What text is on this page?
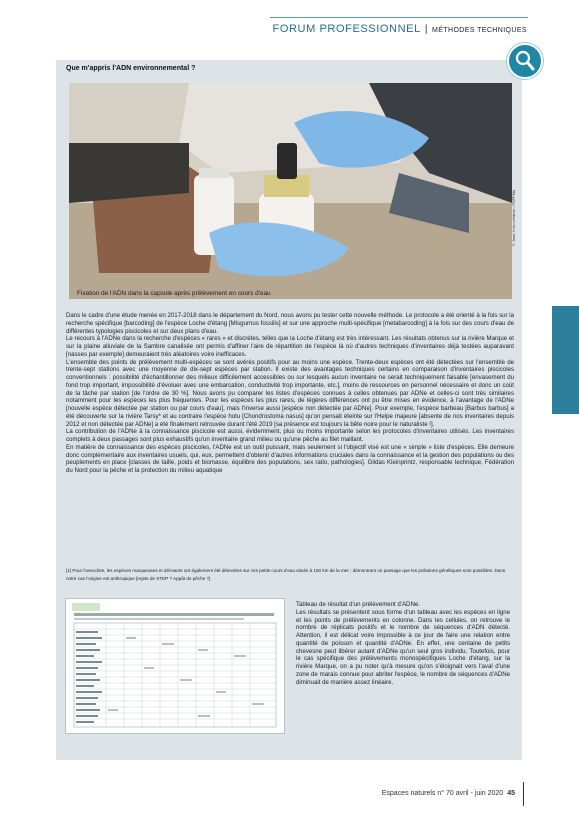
FORUM PROFESSIONNEL | MÉTHODES TECHNIQUES
Que m'appris l'ADN environnemental ?
Fixation de l'ADN dans la capsule après prélèvement en cours d'eau
© Jean-Yves Lefebvre / FDPPMA

Dans le cadre d'une étude menée en 2017-2018 dans le département du Nord, nous avons pu tester cette nouvelle méthode. Le protocole a été orienté à la fois sur la recherche spécifique [barcoding] de l'espèce Loche d'étang [Misgurnus fossilis] et sur une approche multi-spécifique [metabarcoding] à la fois sur des cours d'eau de différentes typologies piscicoles et sur deux plans d'eau.

Le recours à l'ADNe dans la recherche d'espèces « rares » et discrètes, telles que la Loche d'étang est très intéressant. Les résultats obtenus sur la rivière Marque et sur la plaine alluviale de la Sambre canalisée ont permis d'affiner l'aire de répartition de l'espèce là où d'autres techniques d'inventaires déjà testées auparavant [nasses par exemple] demeuraient très aléatoires voire inefficaces.

L'ensemble des points de prélèvement multi-espèces se sont avérés positifs pour au moins une espèce. Trente-deux espèces ont été détectées sur l'ensemble de trente-sept stations avec une moyenne de dix-sept espèces par station. Il existe des avantages techniques certains en comparaison d'inventaires piscicoles conventionnels : possibilité d'échantillonner des milieux difficilement accessibles ou sur lesquels aucun inventaire ne serait techniquement faisable [envasement du fond trop important, impossibilité d'évoluer avec une embarcation, conductivité trop importante, etc.], moins de ressources en personnel nécessaire et donc un coût de la tâche par station [de l'ordre de 30 %]. Nous avons pu comparer les listes d'espèces connues à celles obtenues par ADNe et celles-ci sont très similaires notamment pour les espèces les plus fréquentes. Pour les espèces les plus rares, de légères différences ont pu être mises en évidence, à l'avantage de l'ADNe [nouvelle espèce détectée par station ou par cours d'eau], mais l'inverse aussi [espèce non détectée par ADNe]. Pour exemple, l'espèce barbeau [Barbus barbus] a été découverte sur la rivière Tarsy* et au contraire l'espèce hotu [Chondrostoma nasus] qu'on pensait éteinte sur l'Helpe majeure [absente de nos inventaires depuis 2012 et non détectée par ADNe] a été finalement retrouvée durant l'été 2019 [sa présence est toujours la bête noire pour le naturaliste !].

La contribution de l'ADNe à la connaissance piscicole est aussi, évidemment, plus ou moins importante selon les protocoles d'inventaires utilisés. Les inventaires complets à deux passages sont plus exhaustifs qu'un inventaire grand milieu ou qu'une pêche au filet maillant.

En matière de connaissance des espèces piscicoles, l'ADNe est un outil puissant, mais seulement si l'objectif visé est une « simple » liste d'espèces. Elle demeure donc complémentaire aux inventaires usuels, qui, eux, permettent d'obtenir d'autres informations cruciales dans la connaissance et la gestion des populations ou des peuplements en place [classes de taille, poids et biomasse, équilibre des populations, sex ratio, pathologies]. Gildas Kleinprintz, responsable technique, Fédération du Nord pour la pêche et la protection du milieu aquatique

[1] Pour l'anecdote, les espèces marqueuses et dérivants ont également été détectées sur ces petits cours d'eau situés à 150 km de la mer ; démontrant un passage que les pollutions génétiques sont possibles. Dans notre cas l'origine est anthropique [rejets de STEP ? Appât de pêche ?]
Tableau de résultat d'un prélèvement d'ADNe.
Les résultats se présentent sous forme d'un tableau avec les espèces en ligne et les points de prélèvements en colonne. Dans les cellules, on retrouve le nombre de réplicats positifs et le nombre de séquences d'ADN détecté. Attention, il est délicat voire impossible à ce jour de faire une relation entre quantité de poisson et quantité d'ADNe. En effet, une centaine de petits chevesne peut libérer autant d'ADNe qu'un seul gros individu. Toutefois, pour le cas spécifique des prélèvements monospécifiques Loche d'étang, sur la rivière Marque, on a pu noter qu'à mesure qu'on s'éloignait vers l'aval d'une zone de marais connue pour abriter l'espèce, le nombre de séquences d'ADNe diminuait de manière assez linéaire.
Espaces naturels n° 70 avril - juin 2020 45
